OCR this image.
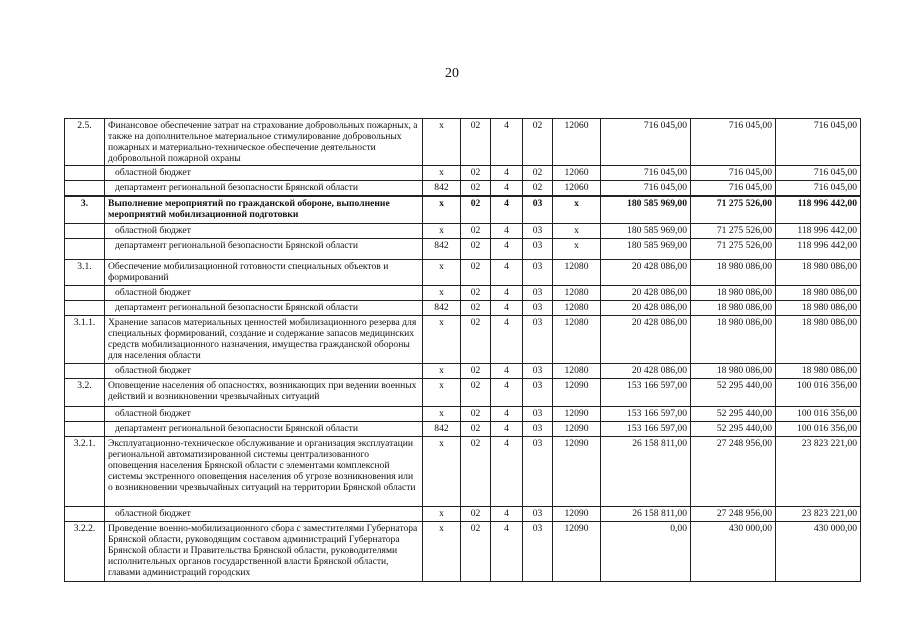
20
2.5.	Финансовое обеспечение затрат на страхование добровольных пожарных, а также на дополнительное материальное стимулирование добровольных пожарных и материально-техническое обеспечение деятельности добровольной пожарной охраны	х	02	4	02	12060	716 045,00	716 045,00	716 045,00
	областной бюджет	х	02	4	02	12060	716 045,00	716 045,00	716 045,00
	департамент региональной безопасности Брянской области	842	02	4	02	12060	716 045,00	716 045,00	716 045,00
3.	Выполнение мероприятий по гражданской обороне, выполнение мероприятий мобилизационной подготовки	х	02	4	03	х	180 585 969,00	71 275 526,00	118 996 442,00
	областной бюджет	х	02	4	03	х	180 585 969,00	71 275 526,00	118 996 442,00
	департамент региональной безопасности Брянской области	842	02	4	03	х	180 585 969,00	71 275 526,00	118 996 442,00
3.1.	Обеспечение мобилизационной готовности специальных объектов и формирований	х	02	4	03	12080	20 428 086,00	18 980 086,00	18 980 086,00
	областной бюджет	х	02	4	03	12080	20 428 086,00	18 980 086,00	18 980 086,00
	департамент региональной безопасности Брянской области	842	02	4	03	12080	20 428 086,00	18 980 086,00	18 980 086,00
3.1.1.	Хранение запасов материальных ценностей мобилизационного резерва для специальных формирований, создание и содержание запасов медицинских средств мобилизационного назначения, имущества гражданской обороны для населения области	х	02	4	03	12080	20 428 086,00	18 980 086,00	18 980 086,00
	областной бюджет	х	02	4	03	12080	20 428 086,00	18 980 086,00	18 980 086,00
3.2.	Оповещение населения об опасностях, возникающих при ведении военных действий и возникновении чрезвычайных ситуаций	х	02	4	03	12090	153 166 597,00	52 295 440,00	100 016 356,00
	областной бюджет	х	02	4	03	12090	153 166 597,00	52 295 440,00	100 016 356,00
	департамент региональной безопасности Брянской области	842	02	4	03	12090	153 166 597,00	52 295 440,00	100 016 356,00
3.2.1.	Эксплуатационно-техническое обслуживание и организация эксплуатации региональной автоматизированной системы централизованного оповещения населения Брянской области с элементами комплексной системы экстренного оповещения населения об угрозе возникновения или о возникновении чрезвычайных ситуаций на территории Брянской области	х	02	4	03	12090	26 158 811,00	27 248 956,00	23 823 221,00
	областной бюджет	х	02	4	03	12090	26 158 811,00	27 248 956,00	23 823 221,00
3.2.2.	Проведение военно-мобилизационного сбора с заместителями Губернатора Брянской области, руководящим составом администраций Губернатора Брянской области и Правительства Брянской области, руководителями исполнительных органов государственной власти Брянской области, главами администраций городских	х	02	4	03	12090	0,00	430 000,00	430 000,00
